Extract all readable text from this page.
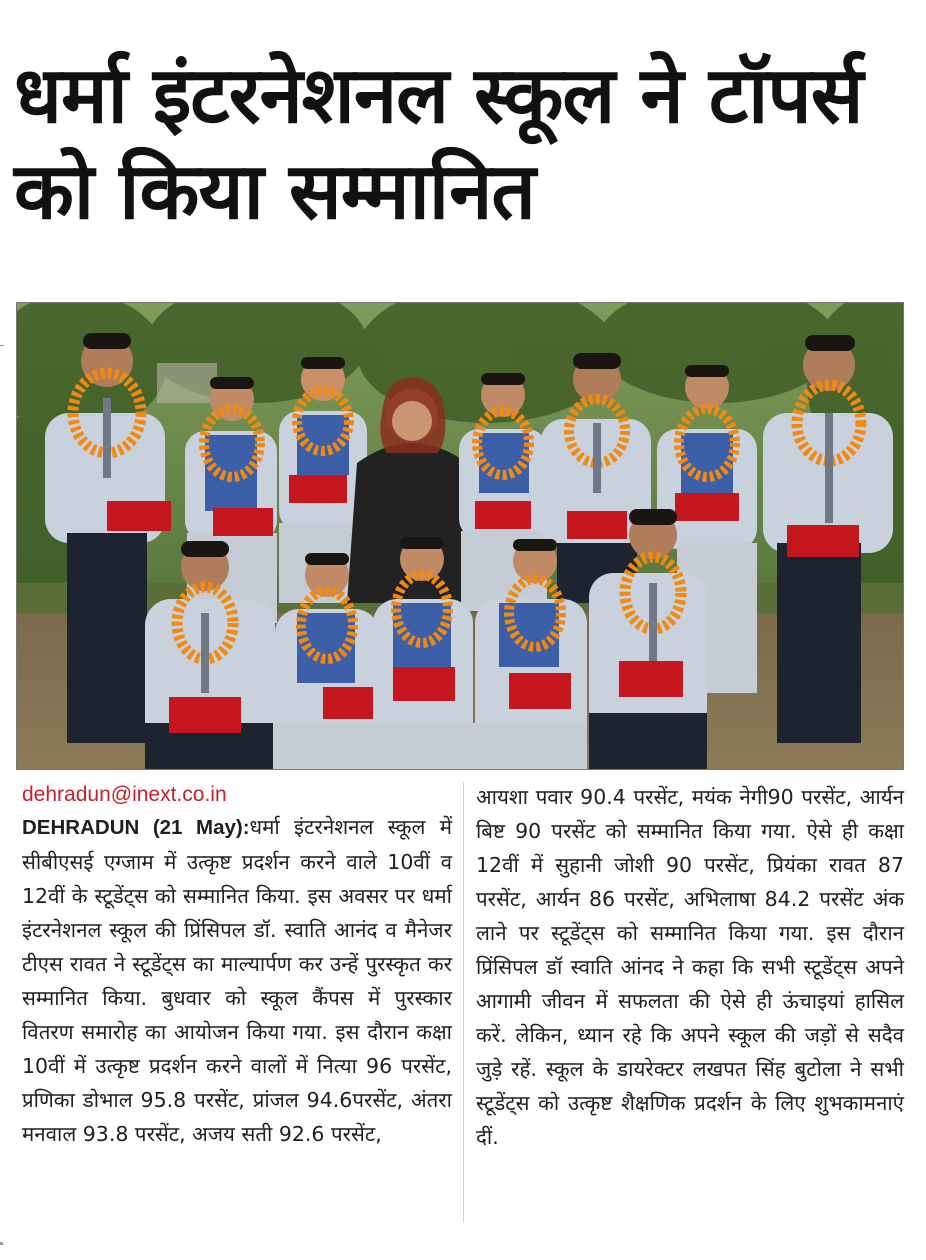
धर्मा इंटरनेशनल स्कूल ने टॉपर्स को किया सम्मानित
dehradun@inext.co.in

DEHRADUN (21 May):धर्मा इंटरनेशनल स्कूल में सीबीएसई एग्जाम में उत्कृष्ट प्रदर्शन करने वाले 10वीं व 12वीं के स्टूडेंट्स को सम्मानित किया. इस अवसर पर धर्मा इंटरनेशनल स्कूल की प्रिंसिपल डॉ. स्वाति आनंद व मैनेजर टीएस रावत ने स्टूडेंट्स का माल्यार्पण कर उन्हें पुरस्कृत कर सम्मानित किया. बुधवार को स्कूल कैंपस में पुरस्कार वितरण समारोह का आयोजन किया गया. इस दौरान कक्षा 10वीं में उत्कृष्ट प्रदर्शन करने वालों में नित्या 96 परसेंट, प्रणिका डोभाल 95.8 परसेंट, प्रांजल 94.6परसेंट, अंतरा मनवाल 93.8 परसेंट, अजय सती 92.6 परसेंट,

आयशा पवार 90.4 परसेंट, मयंक नेगी90 परसेंट, आर्यन बिष्ट 90 परसेंट को सम्मानित किया गया. ऐसे ही कक्षा 12वीं में सुहानी जोशी 90 परसेंट, प्रियंका रावत 87 परसेंट, आर्यन 86 परसेंट, अभिलाषा 84.2 परसेंट अंक लाने पर स्टूडेंट्स को सम्मानित किया गया. इस दौरान प्रिंसिपल डॉ स्वाति आंनद ने कहा कि सभी स्टूडेंट्स अपने आगामी जीवन में सफलता की ऐसे ही ऊंचाइयां हासिल करें. लेकिन, ध्यान रहे कि अपने स्कूल की जड़ों से सदैव जुड़े रहें. स्कूल के डायरेक्टर लखपत सिंह बुटोला ने सभी स्टूडेंट्स को उत्कृष्ट शैक्षणिक प्रदर्शन के लिए शुभकामनाएं दीं.
